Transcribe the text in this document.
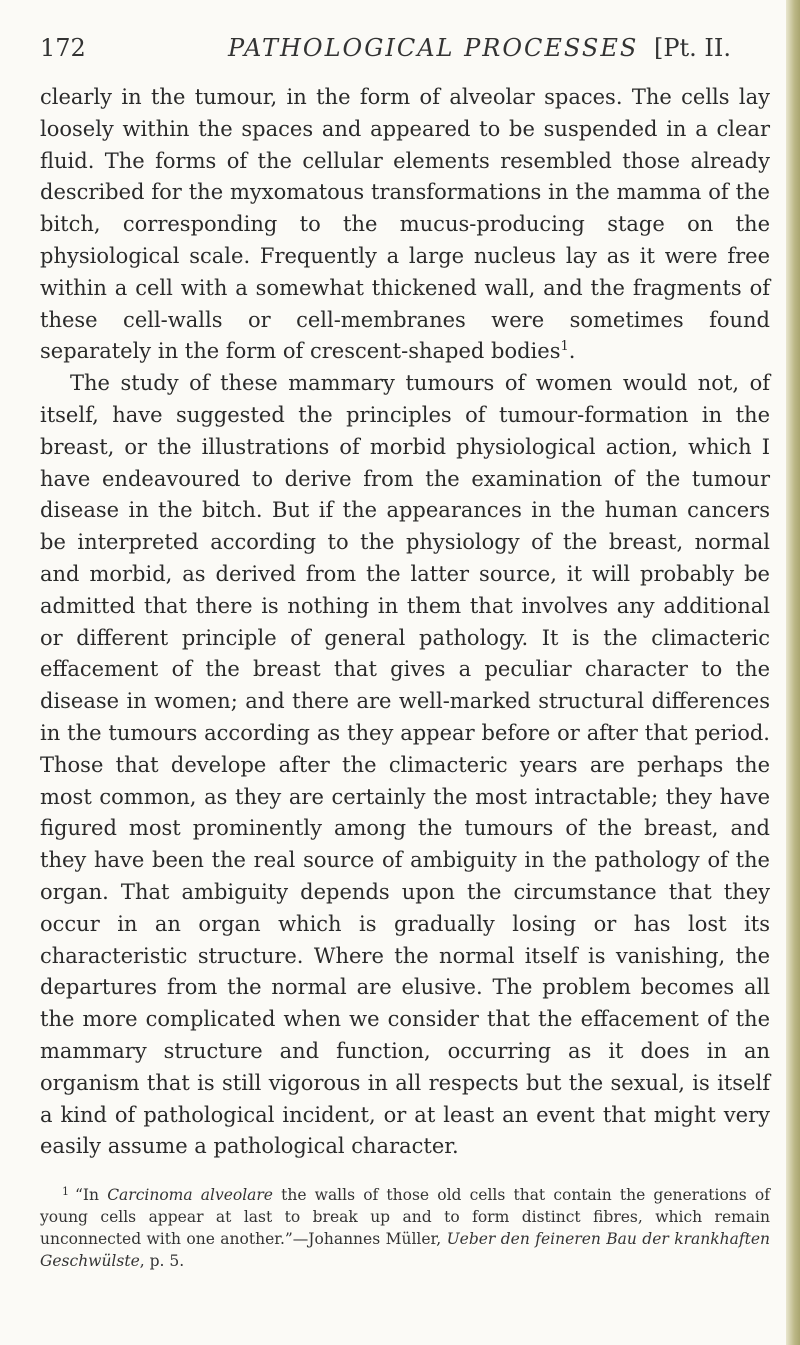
172	PATHOLOGICAL PROCESSES [Pt. II.

clearly in the tumour, in the form of alveolar spaces. The cells lay loosely within the spaces and appeared to be suspended in a clear fluid. The forms of the cellular elements resembled those already described for the myxomatous transformations in the mamma of the bitch, corresponding to the mucus-producing stage on the physiological scale. Frequently a large nucleus lay as it were free within a cell with a somewhat thickened wall, and the fragments of these cell-walls or cell-membranes were sometimes found separately in the form of crescent-shaped bodies$^1$.

The study of these mammary tumours of women would not, of itself, have suggested the principles of tumour-formation in the breast, or the illustrations of morbid physiological action, which I have endeavoured to derive from the examination of the tumour disease in the bitch. But if the appearances in the human cancers be interpreted according to the physiology of the breast, normal and morbid, as derived from the latter source, it will probably be admitted that there is nothing in them that involves any additional or different principle of general pathology. It is the climacteric effacement of the breast that gives a peculiar character to the disease in women; and there are well-marked structural differences in the tumours according as they appear before or after that period. Those that develope after the climacteric years are perhaps the most common, as they are certainly the most intractable; they have figured most prominently among the tumours of the breast, and they have been the real source of ambiguity in the pathology of the organ. That ambiguity depends upon the circumstance that they occur in an organ which is gradually losing or has lost its characteristic structure. Where the normal itself is vanishing, the departures from the normal are elusive. The problem becomes all the more complicated when we consider that the effacement of the mammary structure and function, occurring as it does in an organism that is still vigorous in all respects but the sexual, is itself a kind of pathological incident, or at least an event that might very easily assume a pathological character.

$^1$ “In Carcinoma alveolare the walls of those old cells that contain the generations of young cells appear at last to break up and to form distinct fibres, which remain unconnected with one another.”—Johannes Müller, Ueber den feineren Bau der krankhaften Geschwülste, p. 5.
